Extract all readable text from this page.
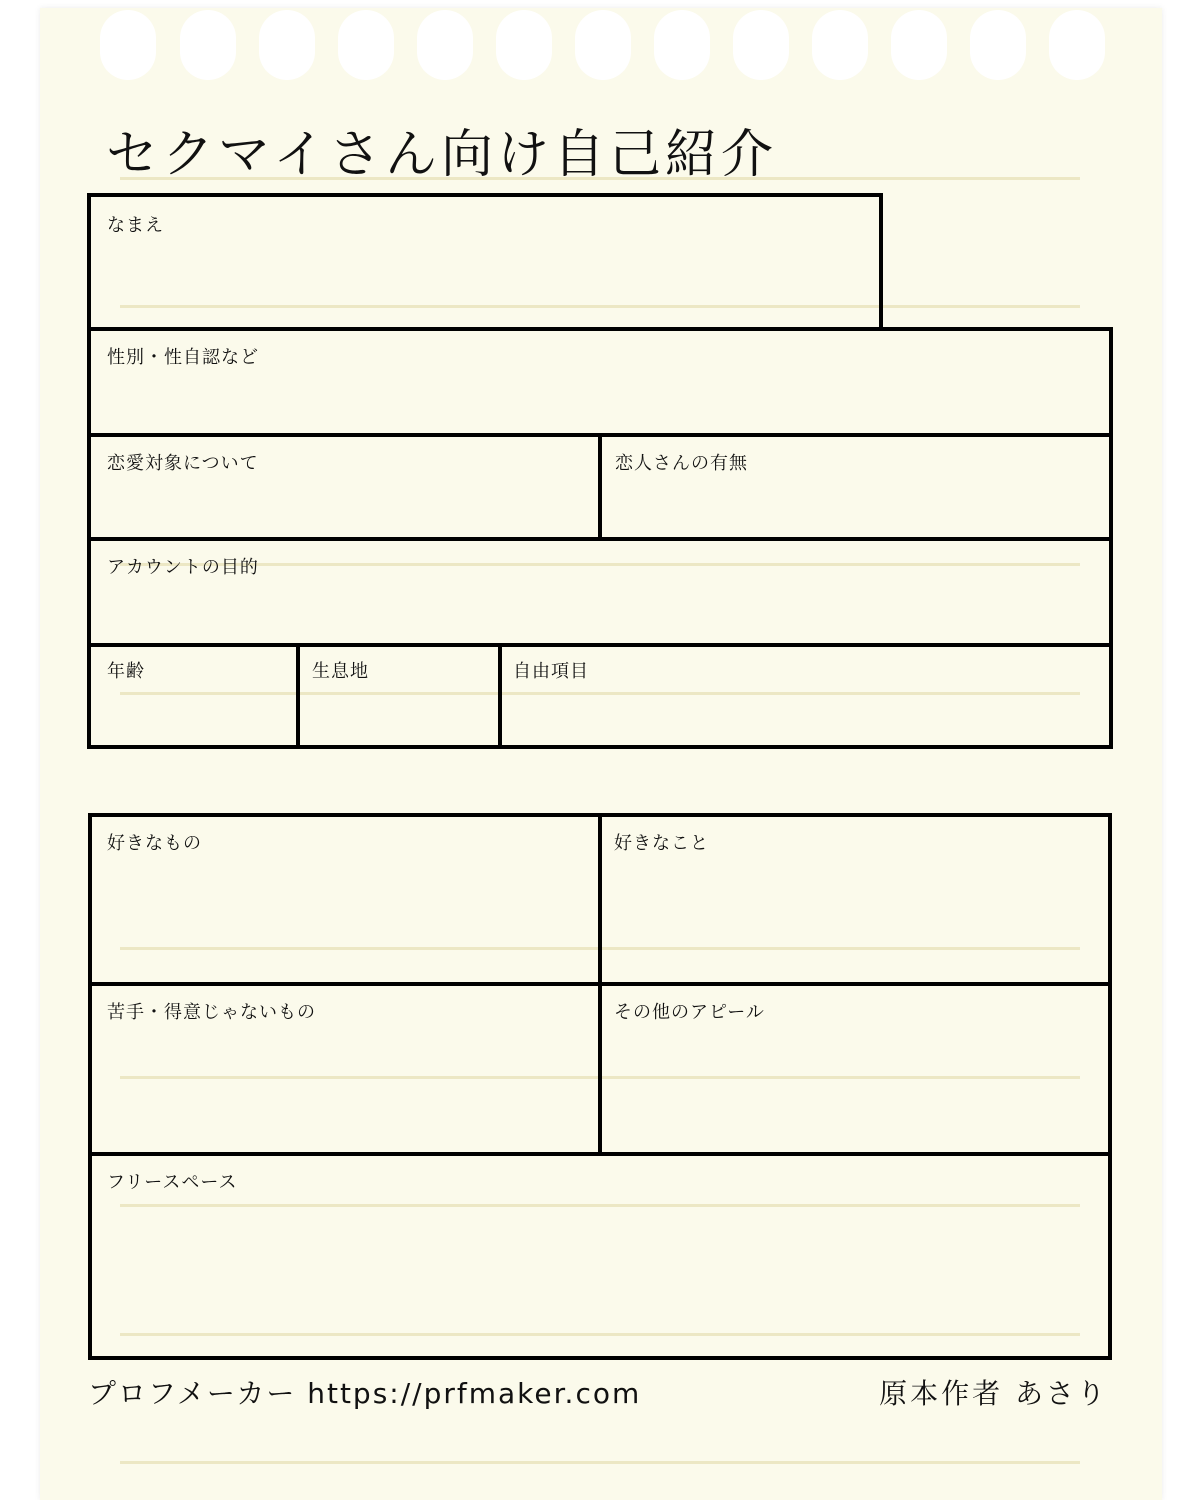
セクマイさん向け自己紹介
なまえ
性別・性自認など
恋愛対象について	恋人さんの有無
アカウントの目的
年齢	生息地	自由項目
好きなもの	好きなこと
苦手・得意じゃないもの	その他のアピール
フリースペース
プロフメーカー https://prfmaker.com	原本作者 あさり
